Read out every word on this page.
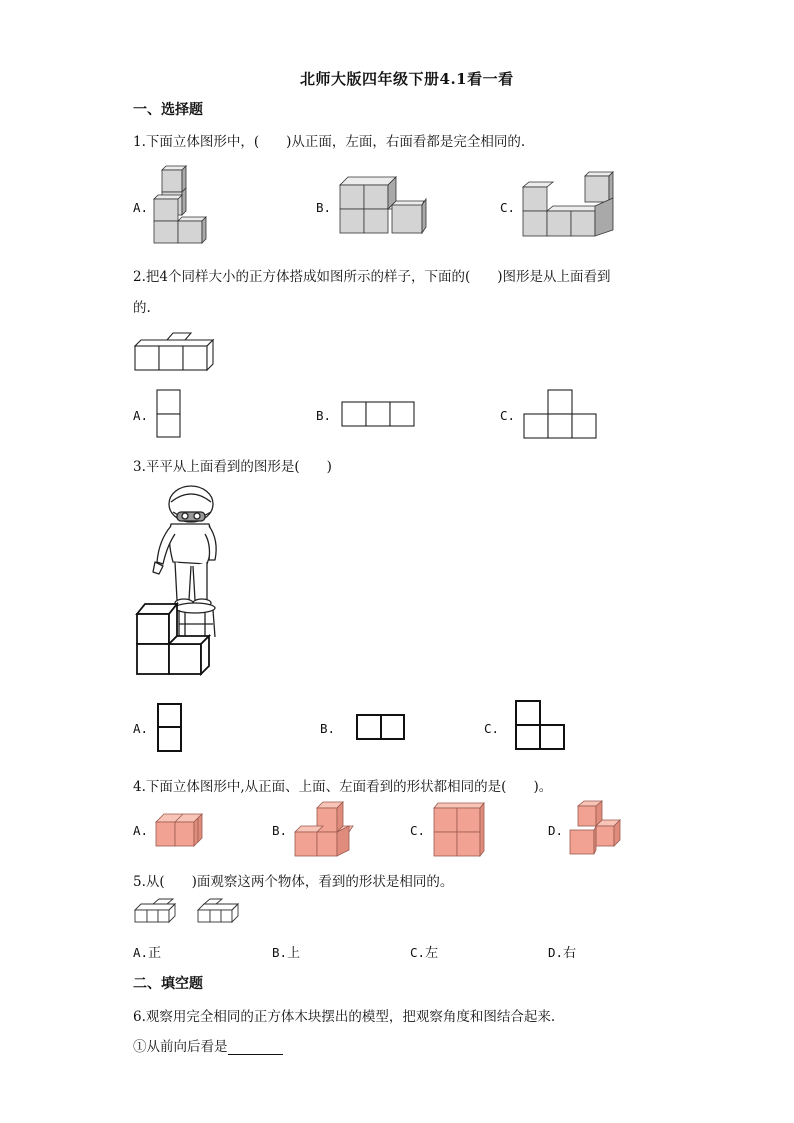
北师大版四年级下册4.1看一看
一、选择题
1.下面立体图形中，(　　)从正面，左面，右面看都是完全相同的.
A.	B.	C.
2.把4个同样大小的正方体搭成如图所示的样子，下面的(　　)图形是从上面看到
的.
A.	B.	C.
3.平平从上面看到的图形是(　　)
A.	B.	C.
4.下面立体图形中,从正面、上面、左面看到的形状都相同的是(　　)。
A.	B.	C.	D.
5.从(　　)面观察这两个物体，看到的形状是相同的。
A.正	B.上	C.左	D.右
二、填空题
6.观察用完全相同的正方体木块摆出的模型，把观察角度和图结合起来.
①从前向后看是
